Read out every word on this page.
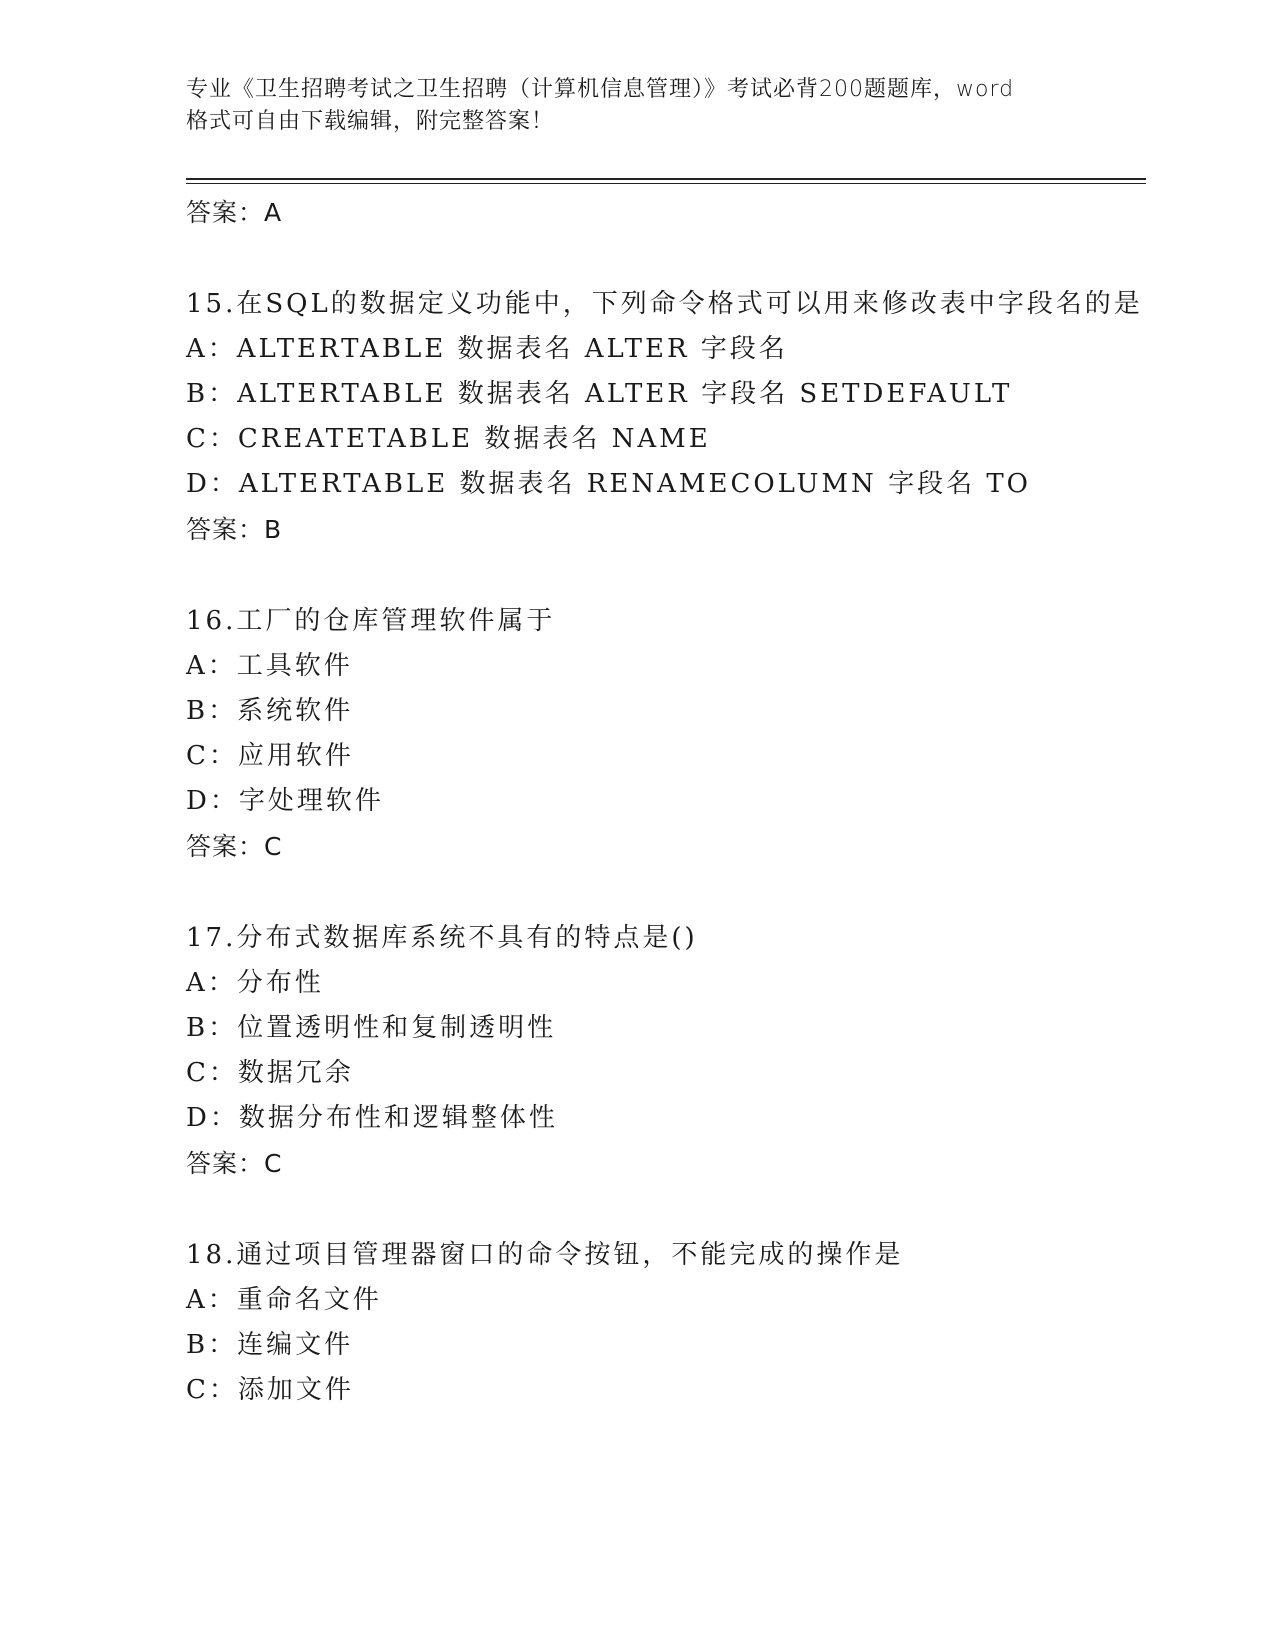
专业《卫生招聘考试之卫生招聘（计算机信息管理）》考试必背200题题库，word
格式可自由下载编辑，附完整答案！
答案：A
15.在SQL的数据定义功能中，下列命令格式可以用来修改表中字段名的是
A：ALTERTABLE 数据表名 ALTER 字段名
B：ALTERTABLE 数据表名 ALTER 字段名 SETDEFAULT
C：CREATETABLE 数据表名 NAME
D：ALTERTABLE 数据表名 RENAMECOLUMN 字段名 TO
答案：B
16.工厂的仓库管理软件属于
A：工具软件
B：系统软件
C：应用软件
D：字处理软件
答案：C
17.分布式数据库系统不具有的特点是()
A：分布性
B：位置透明性和复制透明性
C：数据冗余
D：数据分布性和逻辑整体性
答案：C
18.通过项目管理器窗口的命令按钮，不能完成的操作是
A：重命名文件
B：连编文件
C：添加文件
